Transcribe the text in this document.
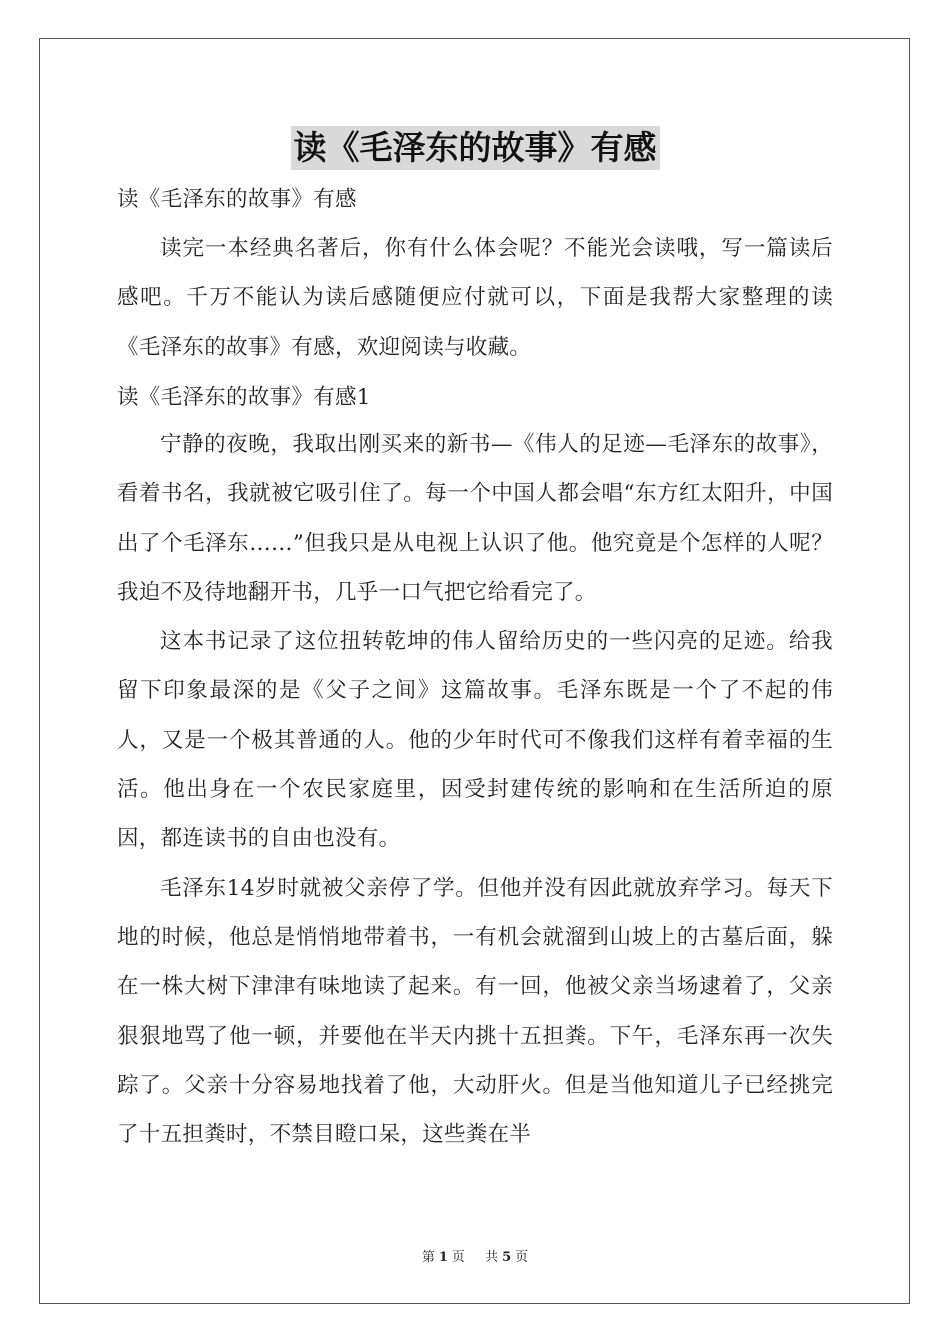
读《毛泽东的故事》有感
读《毛泽东的故事》有感

读完一本经典名著后，你有什么体会呢？不能光会读哦，写一篇读后感吧。千万不能认为读后感随便应付就可以，下面是我帮大家整理的读《毛泽东的故事》有感，欢迎阅读与收藏。

读《毛泽东的故事》有感1

宁静的夜晚，我取出刚买来的新书—《伟人的足迹—毛泽东的故事》，看着书名，我就被它吸引住了。每一个中国人都会唱“东方红太阳升，中国出了个毛泽东……”但我只是从电视上认识了他。他究竟是个怎样的人呢？我迫不及待地翻开书，几乎一口气把它给看完了。

这本书记录了这位扭转乾坤的伟人留给历史的一些闪亮的足迹。给我留下印象最深的是《父子之间》这篇故事。毛泽东既是一个了不起的伟人，又是一个极其普通的人。他的少年时代可不像我们这样有着幸福的生活。他出身在一个农民家庭里，因受封建传统的影响和在生活所迫的原因，都连读书的自由也没有。

毛泽东14岁时就被父亲停了学。但他并没有因此就放弃学习。每天下地的时候，他总是悄悄地带着书，一有机会就溜到山坡上的古墓后面，躲在一株大树下津津有味地读了起来。有一回，他被父亲当场逮着了，父亲狠狠地骂了他一顿，并要他在半天内挑十五担粪。下午，毛泽东再一次失踪了。父亲十分容易地找着了他，大动肝火。但是当他知道儿子已经挑完了十五担粪时，不禁目瞪口呆，这些粪在半

第 1 页 共 5 页
